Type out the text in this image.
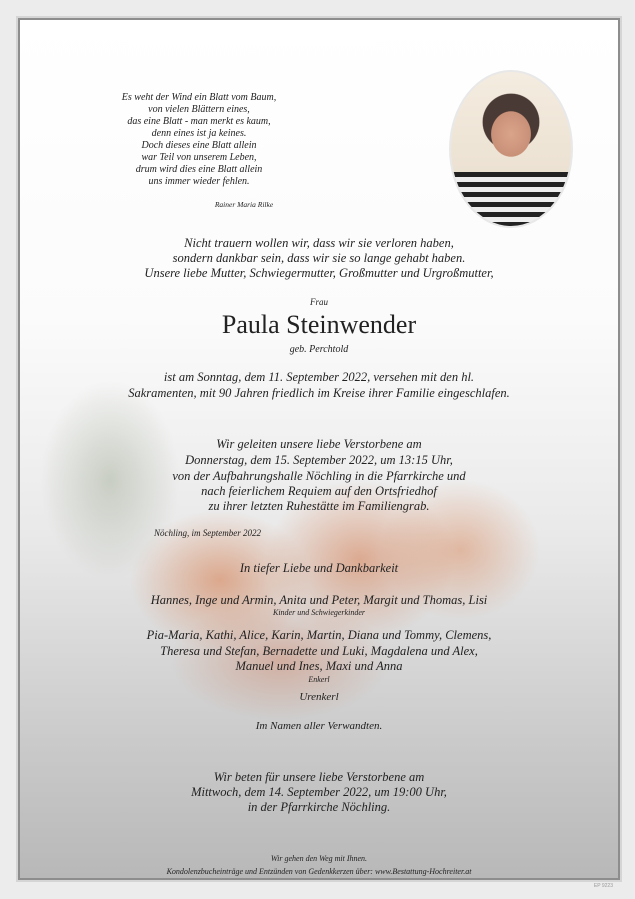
Es weht der Wind ein Blatt vom Baum,
von vielen Blättern eines,
das eine Blatt - man merkt es kaum,
denn eines ist ja keines.
Doch dieses eine Blatt allein
war Teil von unserem Leben,
drum wird dies eine Blatt allein
uns immer wieder fehlen.
Rainer Maria Rilke
Nicht trauern wollen wir, dass wir sie verloren haben,
sondern dankbar sein, dass wir sie so lange gehabt haben.
Unsere liebe Mutter, Schwiegermutter, Großmutter und Urgroßmutter,
Frau
Paula Steinwender
geb. Perchtold
ist am Sonntag, dem 11. September 2022, versehen mit den hl.
Sakramenten, mit 90 Jahren friedlich im Kreise ihrer Familie eingeschlafen.
Wir geleiten unsere liebe Verstorbene am
Donnerstag, dem 15. September 2022, um 13:15 Uhr,
von der Aufbahrungshalle Nöchling in die Pfarrkirche und
nach feierlichem Requiem auf den Ortsfriedhof
zu ihrer letzten Ruhestätte im Familiengrab.
Nöchling, im September 2022
In tiefer Liebe und Dankbarkeit
Hannes, Inge und Armin, Anita und Peter, Margit und Thomas, Lisi
Kinder und Schwiegerkinder
Pia-Maria, Kathi, Alice, Karin, Martin, Diana und Tommy, Clemens,
Theresa und Stefan, Bernadette und Luki, Magdalena und Alex,
Manuel und Ines, Maxi und Anna
Enkerl
Urenkerl
Im Namen aller Verwandten.
Wir beten für unsere liebe Verstorbene am
Mittwoch, dem 14. September 2022, um 19:00 Uhr,
in der Pfarrkirche Nöchling.
Wir gehen den Weg mit Ihnen.
Kondolenzbucheinträge und Entzünden von Gedenkkerzen über: www.Bestattung-Hochreiter.at
EP 9223
